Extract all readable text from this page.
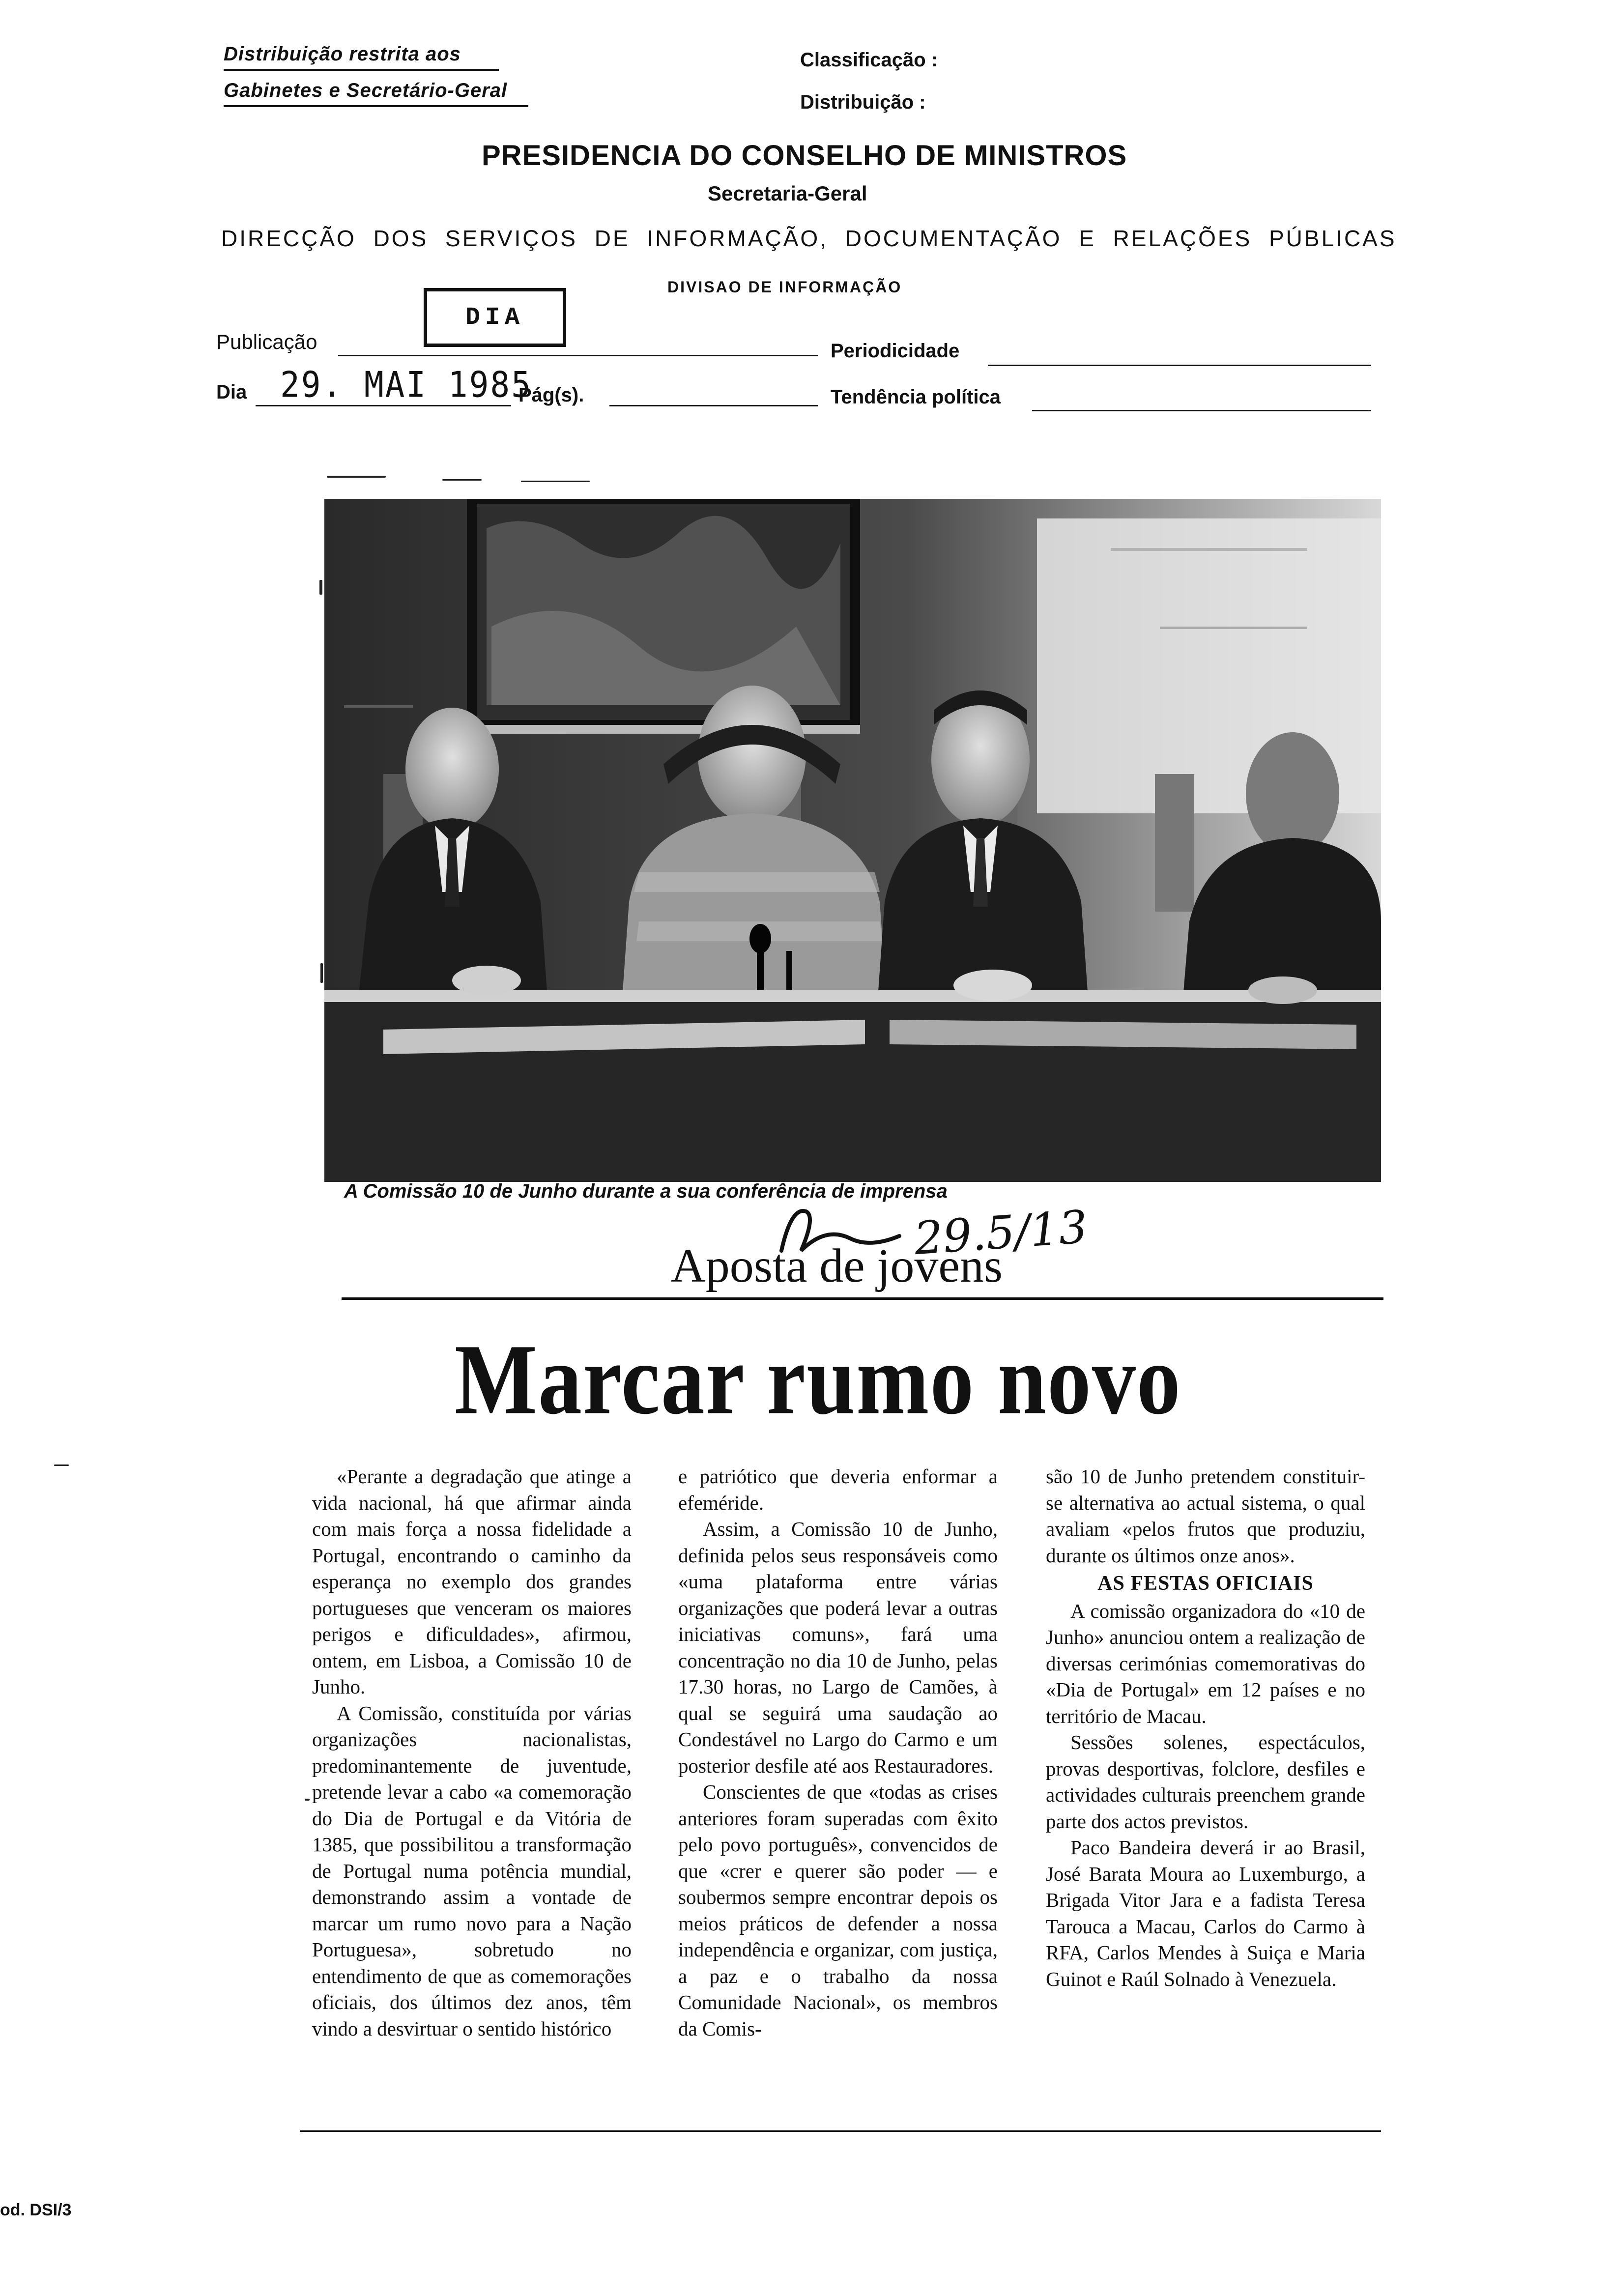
Distribuição restrita aos
Gabinetes e Secretário-Geral
Classificação :
Distribuição :
PRESIDENCIA DO CONSELHO DE MINISTROS
Secretaria-Geral
DIRECÇÃO DOS SERVIÇOS DE INFORMAÇÃO, DOCUMENTAÇÃO E RELAÇÕES PÚBLICAS
DIVISAO DE INFORMAÇÃO
Publicação
DIA
Periodicidade
Dia 29. MAI 1985
Pág(s).	Tendência política
A Comissão 10 de Junho durante a sua conferência de imprensa
29.5/13
Aposta de jovens
Marcar rumo novo

«Perante a degradação que atinge a vida nacional, há que afirmar ainda com mais força a nossa fidelidade a Portugal, encontrando o caminho da esperança no exemplo dos grandes portugueses que venceram os maiores perigos e dificuldades», afirmou, ontem, em Lisboa, a Comissão 10 de Junho.

A Comissão, constituída por várias organizações nacionalistas, predominantemente de juventude, pretende levar a cabo «a comemoração do Dia de Portugal e da Vitória de 1385, que possibilitou a transformação de Portugal numa potência mundial, demonstrando assim a vontade de marcar um rumo novo para a Nação Portuguesa», sobretudo no entendimento de que as comemorações oficiais, dos últimos dez anos, têm vindo a desvirtuar o sentido histórico

e patriótico que deveria enformar a efeméride.

Assim, a Comissão 10 de Junho, definida pelos seus responsáveis como «uma plataforma entre várias organizações que poderá levar a outras iniciativas comuns», fará uma concentração no dia 10 de Junho, pelas 17.30 horas, no Largo de Camões, à qual se seguirá uma saudação ao Condestável no Largo do Carmo e um posterior desfile até aos Restauradores.

Conscientes de que «todas as crises anteriores foram superadas com êxito pelo povo português», convencidos de que «crer e querer são poder — e soubermos sempre encontrar depois os meios práticos de defender a nossa independência e organizar, com justiça, a paz e o trabalho da nossa Comunidade Nacional», os membros da Comis-

são 10 de Junho pretendem constituir-se alternativa ao actual sistema, o qual avaliam «pelos frutos que produziu, durante os últimos onze anos».

AS FESTAS OFICIAIS

A comissão organizadora do «10 de Junho» anunciou ontem a realização de diversas cerimónias comemorativas do «Dia de Portugal» em 12 países e no território de Macau.

Sessões solenes, espectáculos, provas desportivas, folclore, desfiles e actividades culturais preenchem grande parte dos actos previstos.

Paco Bandeira deverá ir ao Brasil, José Barata Moura ao Luxemburgo, a Brigada Vitor Jara e a fadista Teresa Tarouca a Macau, Carlos do Carmo à RFA, Carlos Mendes à Suiça e Maria Guinot e Raúl Solnado à Venezuela.

od. DSI/3
